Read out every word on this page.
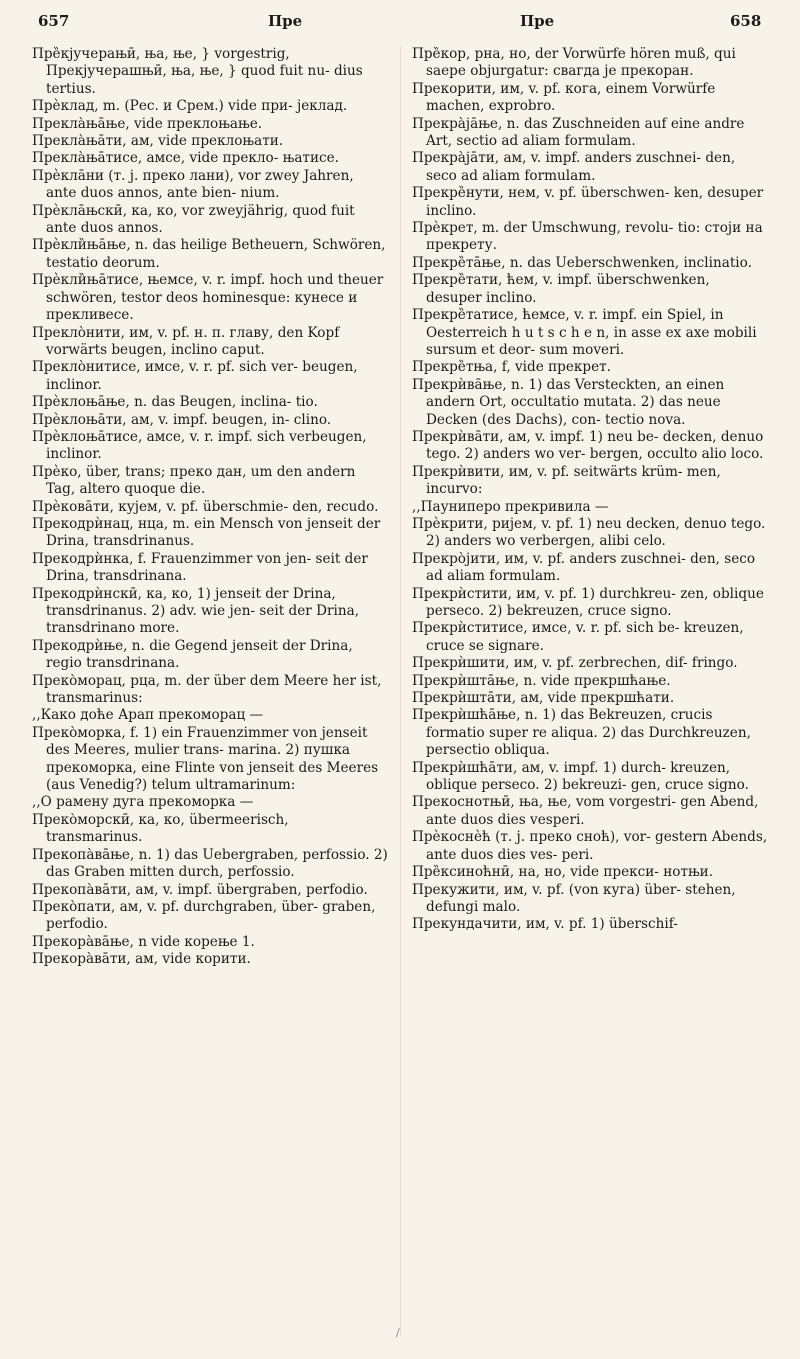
657	Пре	Пре	658

Пре̏кјучерањӣ, ња, ње, } vorgestrig, Прекјучерашњӣ, ња, ње, } quod fuit nu- dius tertius.

Прѐклад, m. (Рес. и Срем.) vide при- јеклад.

Прекла̀ња̄ње, vide преклоњање.

Прекла̀ња̄ти, ам, vide преклоњати.

Прекла̀ња̄тисе, амсе, vide прекло- њатисе.

Прѐкла̄ни (т. ј. преко лани), vor zwey Jahren, ante duos annos, ante bien- nium.

Прѐкла̄њскӣ, ка, ко, vor zweyjährig, quod fuit ante duos annos.

Прѐкли̏ња̄ње, n. das heilige Betheuern, Schwören, testatio deorum.

Прѐкли̏ња̄тисе, њемсе, v. r. impf. hoch und theuer schwören, testor deos hominesque: кунесе и прекливесе.

Прекло̀нити, им, v. pf. н. п. главу, den Kopf vorwärts beugen, inclino caput.

Прекло̀нитисе, имсе, v. r. pf. sich ver- beugen, inclinor.

Прѐклоња̄ње, n. das Beugen, inclina- tio.

Прѐклоња̄ти, ам, v. impf. beugen, in- clino.

Прѐклоња̄тисе, амсе, v. r. impf. sich verbeugen, inclinor.

Прѐко, über, trans; преко дан, um den andern Tag, altero quoque die.

Прѐкова̄ти, кујем, v. pf. überschmie- den, recudo.

Прекодрѝнац, нца, m. ein Mensch von jenseit der Drina, transdrinanus.

Прекодрѝнка, f. Frauenzimmer von jen- seit der Drina, transdrinana.

Прекодрѝнскӣ, ка, ко, 1) jenseit der Drina, transdrinanus. 2) adv. wie jen- seit der Drina, transdrinano more.

Прекодрѝње, n. die Gegend jenseit der Drina, regio transdrinana.

Преко̀морац, рца, m. der über dem Meere her ist, transmarinus:

,,Како доће Арап прекоморац —

Преко̀морка, f. 1) ein Frauenzimmer von jenseit des Meeres, mulier trans- marina. 2) пушка прекоморка, eine Flinte von jenseit des Meeres (aus Venedig?) telum ultramarinum:

,,О рамену дуга прекоморка —

Преко̀морскӣ, ка, ко, übermeerisch, transmarinus.

Прекопа̀ва̄ње, n. 1) das Uebergraben, perfossio. 2) das Graben mitten durch, perfossio.

Прекопа̀ва̄ти, ам, v. impf. übergraben, perfodio.

Преко̀пати, ам, v. pf. durchgraben, über- graben, perfodio.

Прекора̀ва̄ње, n vide корење 1.

Прекора̀ва̄ти, ам, vide корити.

Пре̏кор, рна, но, der Vorwürfe hören muß, qui saepe objurgatur: свагда је прекоран.

Прекорити, им, v. pf. кога, einem Vorwürfe machen, exprobro.

Прекра̀ја̄ње, n. das Zuschneiden auf eine andre Art, sectio ad aliam formulam.

Прекра̀ја̄ти, ам, v. impf. anders zuschnei- den, seco ad aliam formulam.

Прекре̏нути, нем, v. pf. überschwen- ken, desuper inclino.

Прѐкрет, m. der Umschwung, revolu- tio: стоји на прекрету.

Прекре̏та̄ње, n. das Ueberschwenken, inclinatio.

Прекре̏тати, ћем, v. impf. überschwenken, desuper inclino.

Прекре̏татисе, ћемсе, v. r. impf. ein Spiel, in Oesterreich h u t s c h e n, in asse ex axe mobili sursum et deor- sum moveri.

Прекре̏тња, f, vide прекрет.

Прекрѝва̄ње, n. 1) das Versteckten, an einen andern Ort, occultatio mutata. 2) das neue Decken (des Dachs), con- tectio nova.

Прекрѝва̄ти, ам, v. impf. 1) neu be- decken, denuo tego. 2) anders wo ver- bergen, occulto alio loco.

Прекрѝвити, им, v. pf. seitwärts krüm- men, incurvo:

,,Пауниперо прекривила —

Прѐкрити, ријем, v. pf. 1) neu decken, denuo tego. 2) anders wo verbergen, alibi celo.

Прекро̀јити, им, v. pf. anders zuschnei- den, seco ad aliam formulam.

Прекрѝстити, им, v. pf. 1) durchkreu- zen, oblique perseco. 2) bekreuzen, cruce signo.

Прекрѝститисе, имсе, v. r. pf. sich be- kreuzen, cruce se signare.

Прекрѝшити, им, v. pf. zerbrechen, dif- fringo.

Прекрѝшта̄ње, n. vide прекршћање.

Прекрѝшта̄ти, ам, vide прекршћати.

Прекрѝшћа̄ње, n. 1) das Bekreuzen, crucis formatio super re aliqua. 2) das Durchkreuzen, persectio obliqua.

Прекрѝшћа̄ти, ам, v. impf. 1) durch- kreuzen, oblique perseco. 2) bekreuzi- gen, cruce signo.

Прекоснотњӣ, ња, ње, vom vorgestri- gen Abend, ante duos dies vesperi.

Прѐкоснѐћ (т. ј. преко сноћ), vor- gestern Abends, ante duos dies ves- peri.

Пре̏ксиноћнӣ, на, но, vide прекси- нотњи.

Прекужити, им, v. pf. (von куга) über- stehen, defungi malo.

Прекундачити, им, v. pf. 1) überschif-

/
